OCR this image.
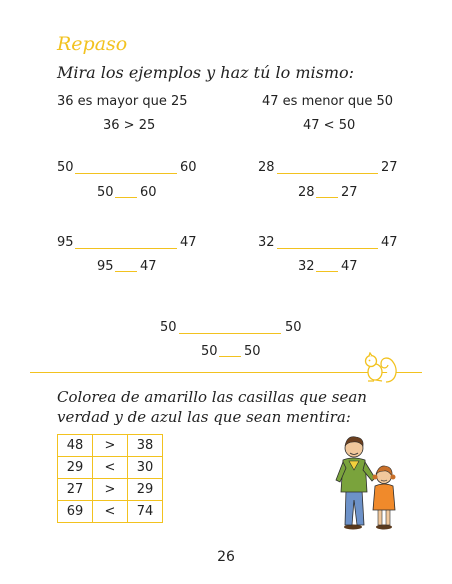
Repaso
Mira los ejemplos y haz tú lo mismo:
36 es mayor que 25
36 > 25
47 es menor que 50
47 < 50
50	60
50 60
28	27
28 27
95	47
95 47
32	47
32 47
50	50
50 50
Colorea de amarillo las casillas que sean
verdad y de azul las que sean mentira:
48	>	38
29	<	30
27	>	29
69	<	74
26
